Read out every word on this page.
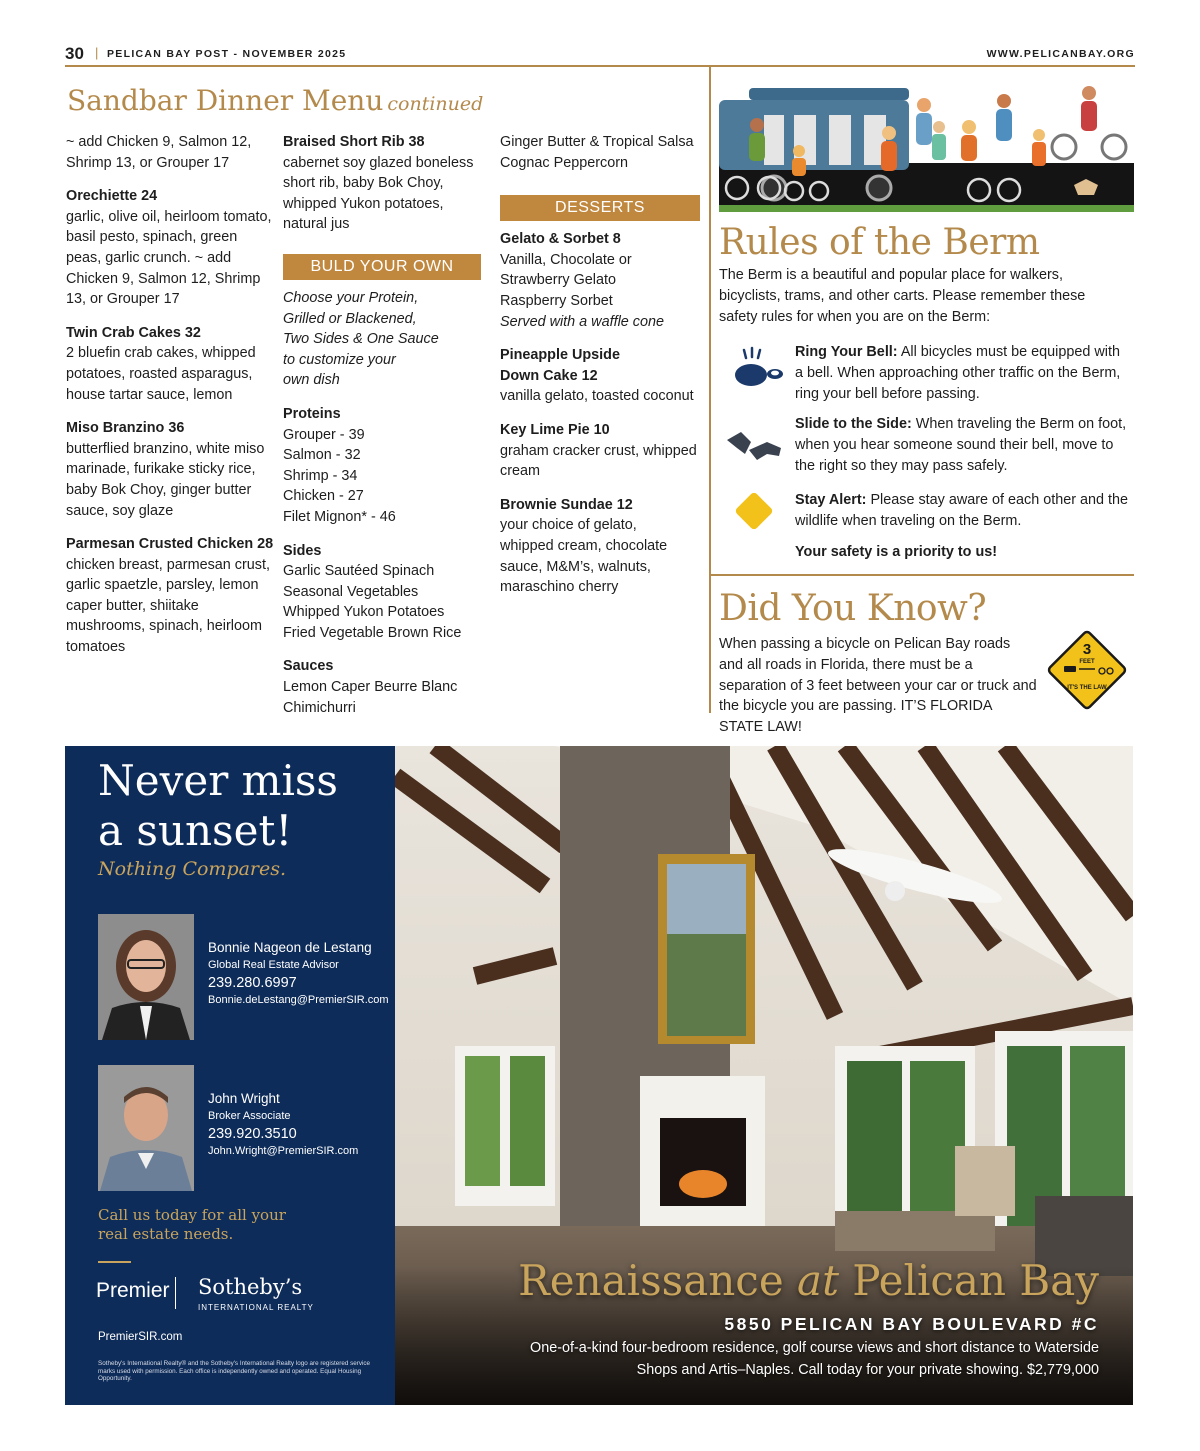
30 | PELICAN BAY POST - NOVEMBER 2025	WWW.PELICANBAY.ORG
Sandbar Dinner Menu continued
~ add Chicken 9, Salmon 12, Shrimp 13, or Grouper 17
Orechiette 24
garlic, olive oil, heirloom tomato, basil pesto, spinach, green peas, garlic crunch. ~ add Chicken 9, Salmon 12, Shrimp 13, or Grouper 17
Twin Crab Cakes 32
2 bluefin crab cakes, whipped potatoes, roasted asparagus, house tartar sauce, lemon
Miso Branzino 36
butterflied branzino, white miso marinade, furikake sticky rice, baby Bok Choy, ginger butter sauce, soy glaze
Parmesan Crusted Chicken 28
chicken breast, parmesan crust, garlic spaetzle, parsley, lemon caper butter, shiitake mushrooms, spinach, heirloom tomatoes
Braised Short Rib 38
cabernet soy glazed boneless short rib, baby Bok Choy, whipped Yukon potatoes, natural jus
BULD YOUR OWN
Choose your Protein,
Grilled or Blackened,
Two Sides & One Sauce
to customize your
own dish
Proteins
Grouper - 39
Salmon - 32
Shrimp - 34
Chicken - 27
Filet Mignon* - 46
Sides
Garlic Sautéed Spinach
Seasonal Vegetables
Whipped Yukon Potatoes
Fried Vegetable Brown Rice
Sauces
Lemon Caper Beurre Blanc
Chimichurri
Ginger Butter & Tropical Salsa
Cognac Peppercorn
DESSERTS
Gelato & Sorbet 8
Vanilla, Chocolate or
Strawberry Gelato
Raspberry Sorbet
Served with a waffle cone
Pineapple Upside Down Cake 12
vanilla gelato, toasted coconut
Key Lime Pie 10
graham cracker crust, whipped cream
Brownie Sundae 12
your choice of gelato, whipped cream, chocolate sauce, M&M’s, walnuts, maraschino cherry
Rules of the Berm
The Berm is a beautiful and popular place for walkers, bicyclists, trams, and other carts. Please remember these safety rules for when you are on the Berm:
Ring Your Bell: All bicycles must be equipped with a bell. When approaching other traffic on the Berm, ring your bell before passing.
Slide to the Side: When traveling the Berm on foot, when you hear someone sound their bell, move to the right so they may pass safely.
Stay Alert: Please stay aware of each other and the wildlife when traveling on the Berm.
Your safety is a priority to us!
Did You Know?
When passing a bicycle on Pelican Bay roads and all roads in Florida, there must be a separation of 3 feet between your car or truck and the bicycle you are passing. IT’S FLORIDA STATE LAW!
3
FEET
IT'S THE LAW
Never miss
a sunset!
Nothing Compares.
Bonnie Nageon de Lestang
Global Real Estate Advisor
239.280.6997
Bonnie.deLestang@PremierSIR.com
John Wright
Broker Associate
239.920.3510
John.Wright@PremierSIR.com
Call us today for all your real estate needs.
Premier Sotheby’s
INTERNATIONAL REALTY
PremierSIR.com
Sotheby's International Realty® and the Sotheby's International Realty logo are registered service marks used with permission. Each office is independently owned and operated. Equal Housing Opportunity.
Renaissance at Pelican Bay
5850 PELICAN BAY BOULEVARD #C
One-of-a-kind four-bedroom residence, golf course views and short distance to Waterside Shops and Artis–Naples. Call today for your private showing. $2,779,000
